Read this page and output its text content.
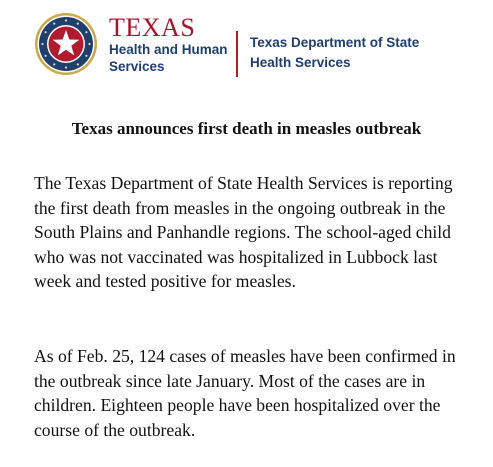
TEXAS
Health and Human
Services
Texas Department of State
Health Services
Texas announces first death in measles outbreak

The Texas Department of State Health Services is reporting the first death from measles in the ongoing outbreak in the South Plains and Panhandle regions. The school-aged child who was not vaccinated was hospitalized in Lubbock last week and tested positive for measles.

As of Feb. 25, 124 cases of measles have been confirmed in the outbreak since late January. Most of the cases are in children. Eighteen people have been hospitalized over the course of the outbreak.
